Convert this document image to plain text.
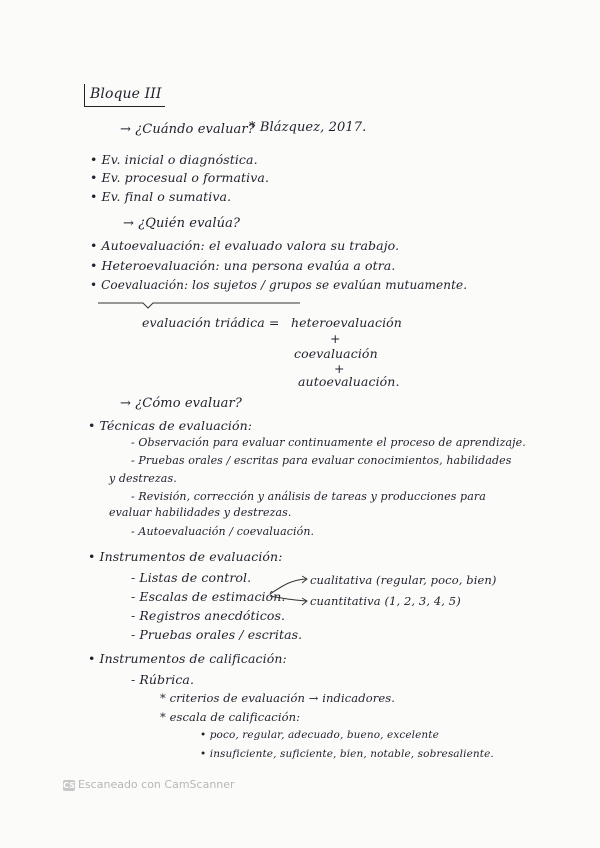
Bloque III
→ ¿Cuándo evaluar?
* Blázquez, 2017.
• Ev. inicial o diagnóstica.
• Ev. procesual o formativa.
• Ev. final o sumativa.
→ ¿Quién evalúa?
• Autoevaluación: el evaluado valora su trabajo.
• Heteroevaluación: una persona evalúa a otra.
• Coevaluación: los sujetos / grupos se evalúan mutuamente.
evaluación triádica = heteroevaluación
+
coevaluación
+
autoevaluación.
→ ¿Cómo evaluar?
• Técnicas de evaluación:
- Observación para evaluar continuamente el proceso de aprendizaje.
- Pruebas orales / escritas para evaluar conocimientos, habilidades
y destrezas.
- Revisión, corrección y análisis de tareas y producciones para
evaluar habilidades y destrezas.
- Autoevaluación / coevaluación.
• Instrumentos de evaluación:
- Listas de control.
- Escalas de estimación.
- Registros anecdóticos.
- Pruebas orales / escritas.
cualitativa (regular, poco, bien)
cuantitativa (1, 2, 3, 4, 5)
• Instrumentos de calificación:
- Rúbrica.
* criterios de evaluación → indicadores.
* escala de calificación:
• poco, regular, adecuado, bueno, excelente
• insuficiente, suficiente, bien, notable, sobresaliente.
CS Escaneado con CamScanner
